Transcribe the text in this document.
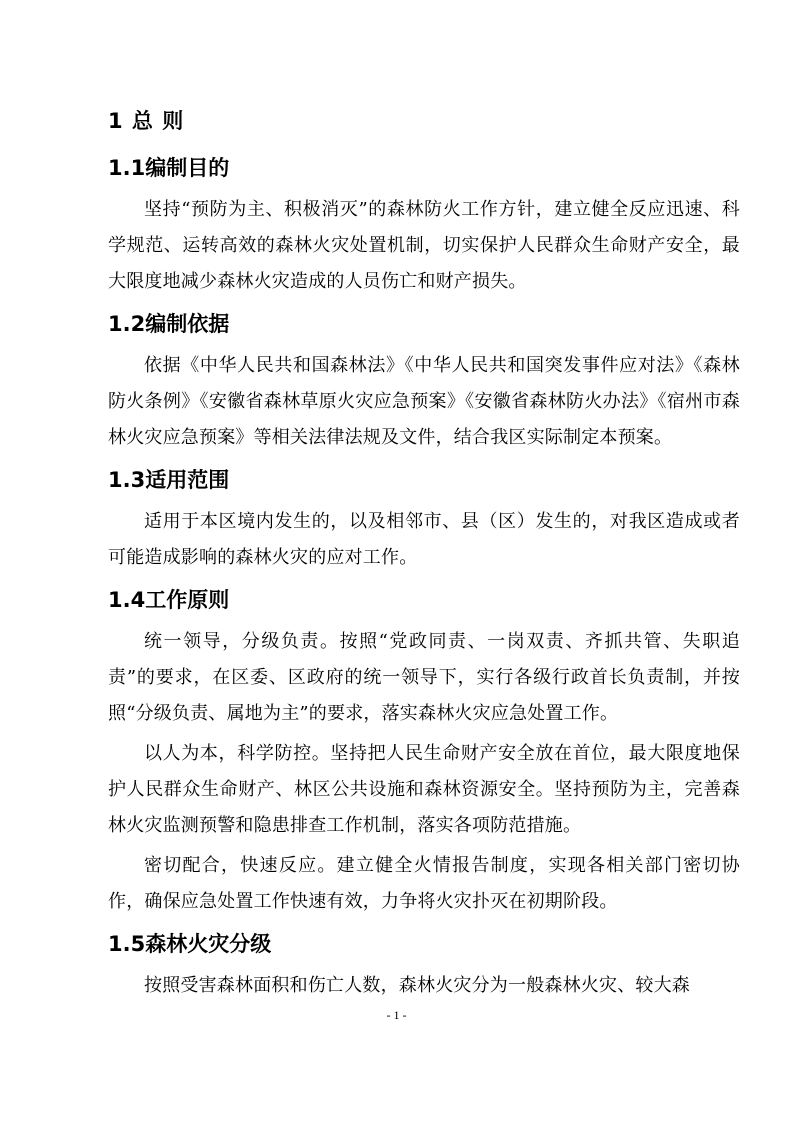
1 总 则
1.1编制目的

坚持“预防为主、积极消灭”的森林防火工作方针，建立健全反应迅速、科学规范、运转高效的森林火灾处置机制，切实保护人民群众生命财产安全，最大限度地减少森林火灾造成的人员伤亡和财产损失。

1.2编制依据

依据《中华人民共和国森林法》《中华人民共和国突发事件应对法》《森林防火条例》《安徽省森林草原火灾应急预案》《安徽省森林防火办法》《宿州市森林火灾应急预案》等相关法律法规及文件，结合我区实际制定本预案。

1.3适用范围

适用于本区境内发生的，以及相邻市、县（区）发生的，对我区造成或者可能造成影响的森林火灾的应对工作。

1.4工作原则

统一领导，分级负责。按照“党政同责、一岗双责、齐抓共管、失职追责”的要求，在区委、区政府的统一领导下，实行各级行政首长负责制，并按照“分级负责、属地为主”的要求，落实森林火灾应急处置工作。

以人为本，科学防控。坚持把人民生命财产安全放在首位，最大限度地保护人民群众生命财产、林区公共设施和森林资源安全。坚持预防为主，完善森林火灾监测预警和隐患排查工作机制，落实各项防范措施。

密切配合，快速反应。建立健全火情报告制度，实现各相关部门密切协作，确保应急处置工作快速有效，力争将火灾扑灭在初期阶段。

1.5森林火灾分级

按照受害森林面积和伤亡人数，森林火灾分为一般森林火灾、较大森

- 1 -
